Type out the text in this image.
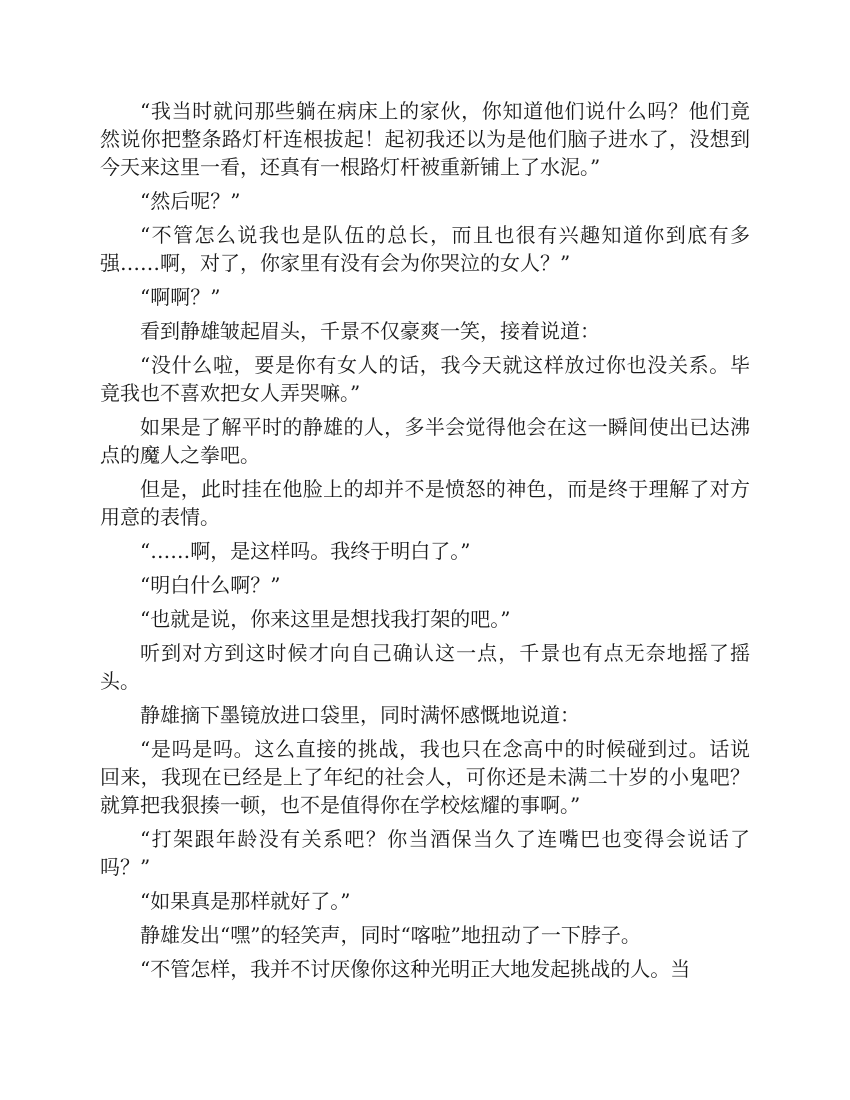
“我当时就问那些躺在病床上的家伙，你知道他们说什么吗？他们竟然说你把整条路灯杆连根拔起！起初我还以为是他们脑子进水了，没想到今天来这里一看，还真有一根路灯杆被重新铺上了水泥。”

“然后呢？”

“不管怎么说我也是队伍的总长，而且也很有兴趣知道你到底有多强……啊，对了，你家里有没有会为你哭泣的女人？”

“啊啊？”

看到静雄皱起眉头，千景不仅豪爽一笑，接着说道：

“没什么啦，要是你有女人的话，我今天就这样放过你也没关系。毕竟我也不喜欢把女人弄哭嘛。”

如果是了解平时的静雄的人，多半会觉得他会在这一瞬间使出已达沸点的魔人之拳吧。

但是，此时挂在他脸上的却并不是愤怒的神色，而是终于理解了对方用意的表情。

“……啊，是这样吗。我终于明白了。”

“明白什么啊？”

“也就是说，你来这里是想找我打架的吧。”

听到对方到这时候才向自己确认这一点，千景也有点无奈地摇了摇头。

静雄摘下墨镜放进口袋里，同时满怀感慨地说道：

“是吗是吗。这么直接的挑战，我也只在念高中的时候碰到过。话说回来，我现在已经是上了年纪的社会人，可你还是未满二十岁的小鬼吧？就算把我狠揍一顿，也不是值得你在学校炫耀的事啊。”

“打架跟年龄没有关系吧？你当酒保当久了连嘴巴也变得会说话了吗？”

“如果真是那样就好了。”

静雄发出“嘿”的轻笑声，同时“喀啦”地扭动了一下脖子。

“不管怎样，我并不讨厌像你这种光明正大地发起挑战的人。当
